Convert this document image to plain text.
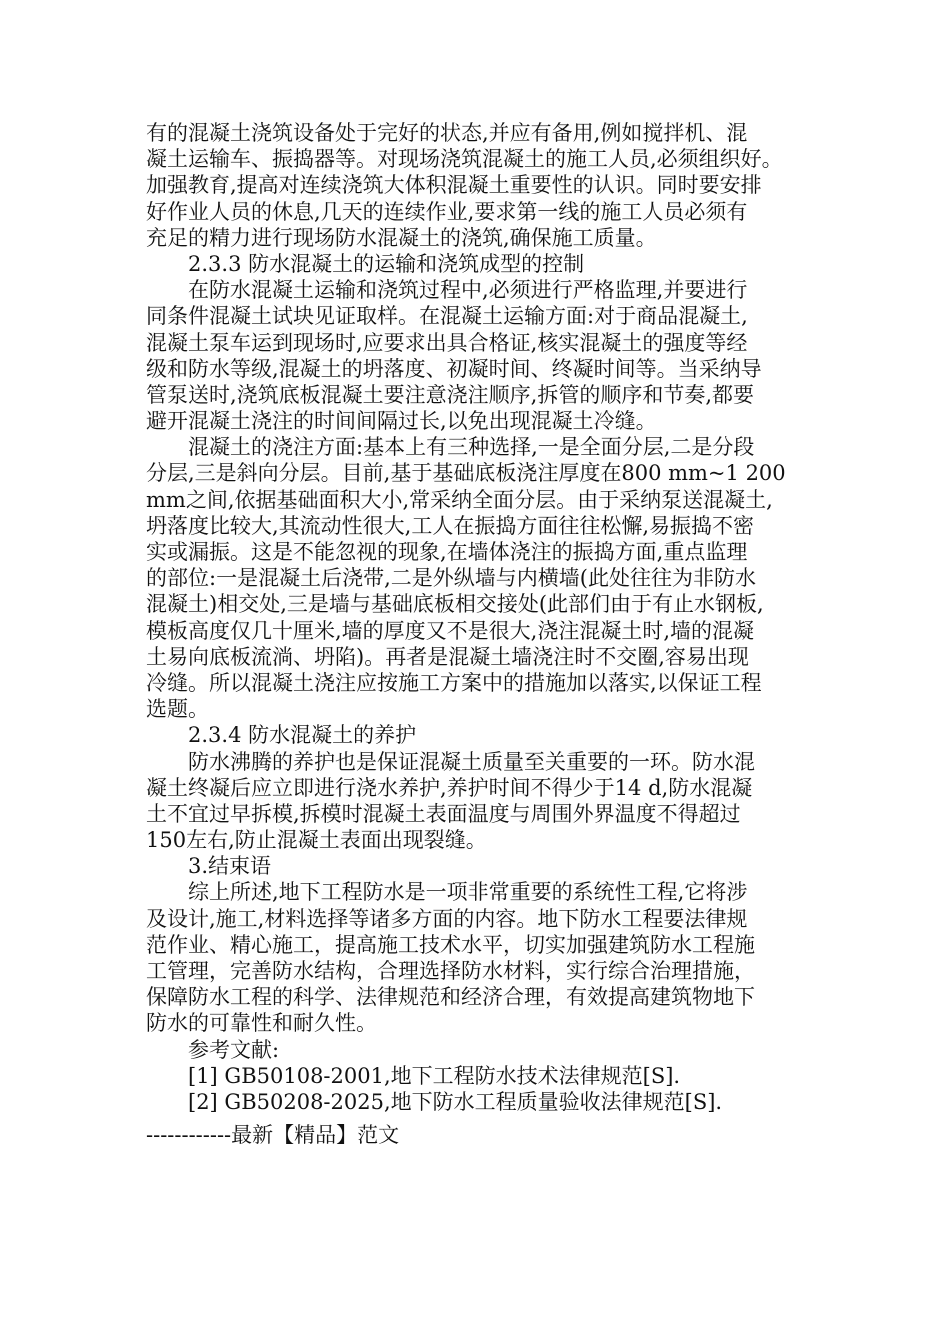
有的混凝土浇筑设备处于完好的状态,并应有备用,例如搅拌机、混
凝土运输车、振捣器等。对现场浇筑混凝土的施工人员,必须组织好。
加强教育,提高对连续浇筑大体积混凝土重要性的认识。同时要安排
好作业人员的休息,几天的连续作业,要求第一线的施工人员必须有
充足的精力进行现场防水混凝土的浇筑,确保施工质量。
2.3.3 防水混凝土的运输和浇筑成型的控制
在防水混凝土运输和浇筑过程中,必须进行严格监理,并要进行
同条件混凝土试块见证取样。在混凝土运输方面:对于商品混凝土,
混凝土泵车运到现场时,应要求出具合格证,核实混凝土的强度等经
级和防水等级,混凝土的坍落度、初凝时间、终凝时间等。当采纳导
管泵送时,浇筑底板混凝土要注意浇注顺序,拆管的顺序和节奏,都要
避开混凝土浇注的时间间隔过长,以免出现混凝土冷缝。
混凝土的浇注方面:基本上有三种选择,一是全面分层,二是分段
分层,三是斜向分层。目前,基于基础底板浇注厚度在800 mm~1 200
mm之间,依据基础面积大小,常采纳全面分层。由于采纳泵送混凝土,
坍落度比较大,其流动性很大,工人在振捣方面往往松懈,易振捣不密
实或漏振。这是不能忽视的现象,在墙体浇注的振捣方面,重点监理
的部位:一是混凝土后浇带,二是外纵墙与内横墙(此处往往为非防水
混凝土)相交处,三是墙与基础底板相交接处(此部们由于有止水钢板,
模板高度仅几十厘米,墙的厚度又不是很大,浇注混凝土时,墙的混凝
土易向底板流淌、坍陷)。再者是混凝土墙浇注时不交圈,容易出现
冷缝。所以混凝土浇注应按施工方案中的措施加以落实,以保证工程
选题。
2.3.4 防水混凝土的养护
防水沸腾的养护也是保证混凝土质量至关重要的一环。防水混
凝土终凝后应立即进行浇水养护,养护时间不得少于14 d,防水混凝
土不宜过早拆模,拆模时混凝土表面温度与周围外界温度不得超过
150左右,防止混凝土表面出现裂缝。
3.结束语
综上所述,地下工程防水是一项非常重要的系统性工程,它将涉
及设计,施工,材料选择等诸多方面的内容。地下防水工程要法律规
范作业、精心施工，提高施工技术水平，切实加强建筑防水工程施
工管理，完善防水结构，合理选择防水材料，实行综合治理措施，
保障防水工程的科学、法律规范和经济合理，有效提高建筑物地下
防水的可靠性和耐久性。
参考文献:
[1] GB50108-2001,地下工程防水技术法律规范[S].
[2] GB50208-2025,地下防水工程质量验收法律规范[S].
------------最新【精品】范文
